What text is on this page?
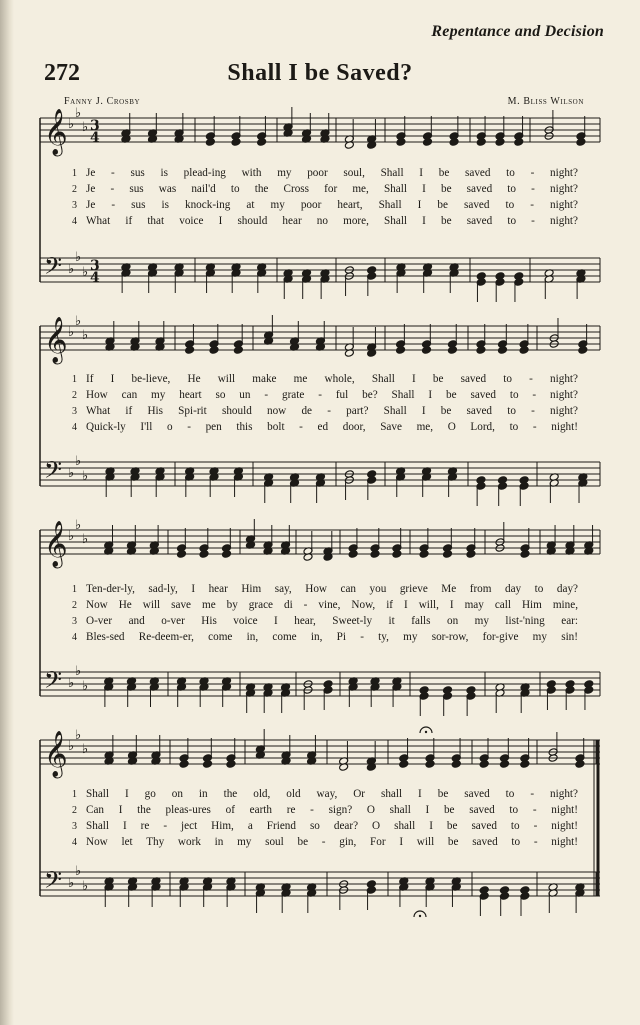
Repentance and Decision
272	Shall I be Saved?
Fanny J. Crosby	M. Bliss Wilson
𝄞
𝄢
♭
♭
♭
♭
♭
♭
3
4
3
4
𝄞
𝄢
♭
♭
♭
♭
♭
♭
𝄞
𝄢
♭
♭
♭
♭
♭
♭
𝄞
𝄢
♭
♭
♭
♭
♭
♭
1 Je - sus is plead-ing with my poor soul, Shall I be saved to - night?
2 Je - sus was nail'd to the Cross for me, Shall I be saved to - night?
3 Je - sus is knock-ing at my poor heart, Shall I be saved to - night?
4 What if that voice I should hear no more, Shall I be saved to - night?
1 If I be-lieve, He will make me whole, Shall I be saved to - night?
2 How can my heart so un - grate - ful be? Shall I be saved to - night?
3 What if His Spi-rit should now de - part? Shall I be saved to - night?
4 Quick-ly I'll o - pen this bolt - ed door, Save me, O Lord, to - night!
1 Ten-der-ly, sad-ly, I hear Him say, How can you grieve Me from day to day?
2 Now He will save me by grace di - vine, Now, if I will, I may call Him mine,
3 O-ver and o-ver His voice I hear, Sweet-ly it falls on my list-'ning ear:
4 Bles-sed Re-deem-er, come in, come in, Pi - ty, my sor-row, for-give my sin!
1 Shall I go on in the old, old way, Or shall I be saved to - night?
2 Can I the pleas-ures of earth re - sign? O shall I be saved to - night!
3 Shall I re - ject Him, a Friend so dear? O shall I be saved to - night!
4 Now let Thy work in my soul be - gin, For I will be saved to - night!
